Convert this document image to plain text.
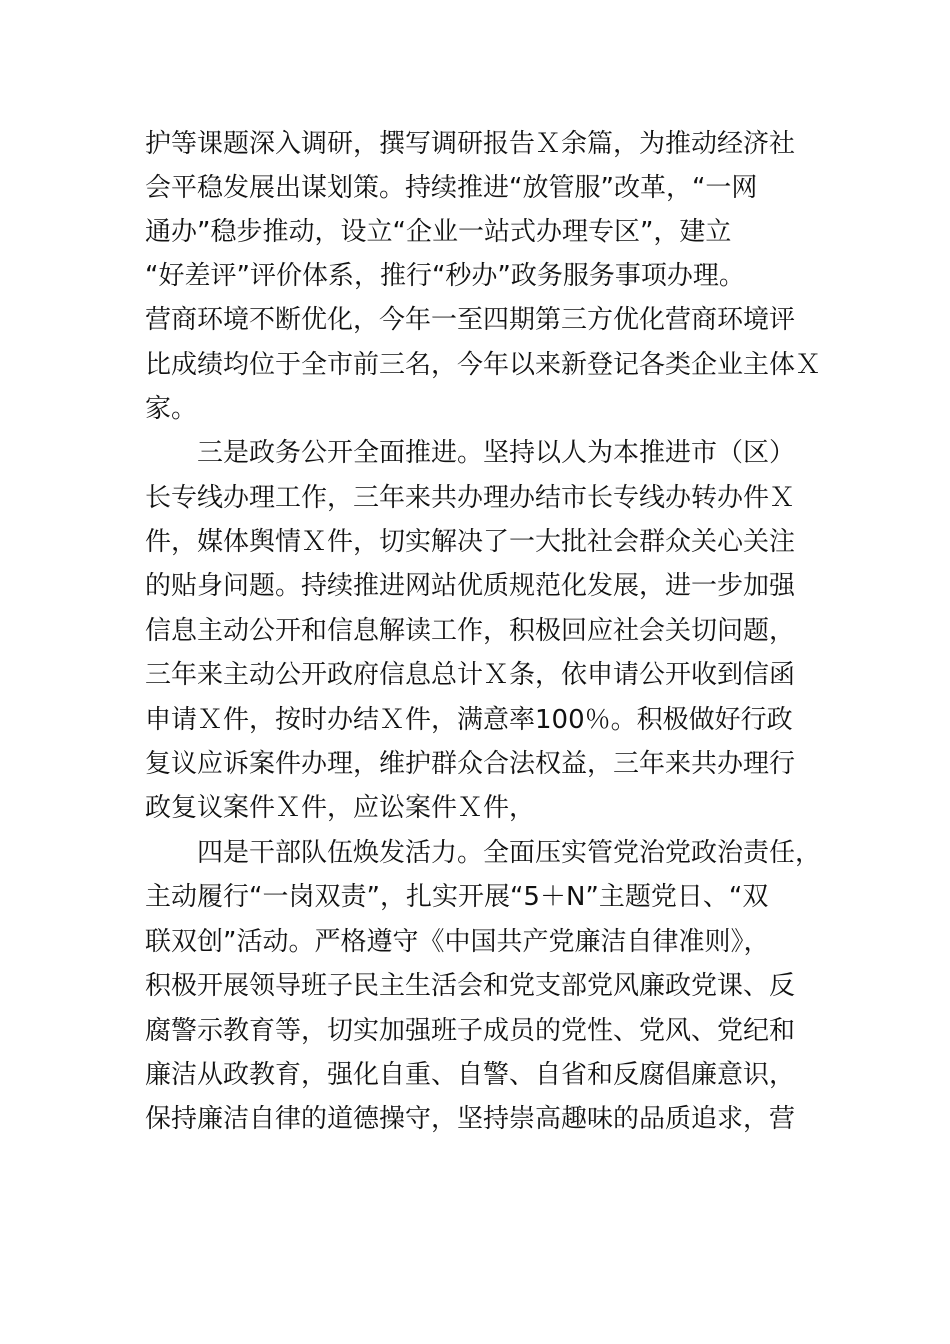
护等课题深入调研，撰写调研报告Ｘ余篇，为推动经济社

会平稳发展出谋划策。持续推进“放管服”改革，“一网

通办”稳步推动，设立“企业一站式办理专区”，建立

“好差评”评价体系，推行“秒办”政务服务事项办理。

营商环境不断优化，今年一至四期第三方优化营商环境评

比成绩均位于全市前三名，今年以来新登记各类企业主体Ｘ

家。

三是政务公开全面推进。坚持以人为本推进市（区）

长专线办理工作，三年来共办理办结市长专线办转办件Ｘ

件，媒体舆情Ｘ件，切实解决了一大批社会群众关心关注

的贴身问题。持续推进网站优质规范化发展，进一步加强

信息主动公开和信息解读工作，积极回应社会关切问题，

三年来主动公开政府信息总计Ｘ条，依申请公开收到信函

申请Ｘ件，按时办结Ｘ件，满意率100％。积极做好行政

复议应诉案件办理，维护群众合法权益，三年来共办理行

政复议案件Ｘ件，应讼案件Ｘ件，

四是干部队伍焕发活力。全面压实管党治党政治责任，

主动履行“一岗双责”，扎实开展“5＋N”主题党日、“双

联双创”活动。严格遵守《中国共产党廉洁自律准则》，

积极开展领导班子民主生活会和党支部党风廉政党课、反

腐警示教育等，切实加强班子成员的党性、党风、党纪和

廉洁从政教育，强化自重、自警、自省和反腐倡廉意识，

保持廉洁自律的道德操守，坚持崇高趣味的品质追求，营
